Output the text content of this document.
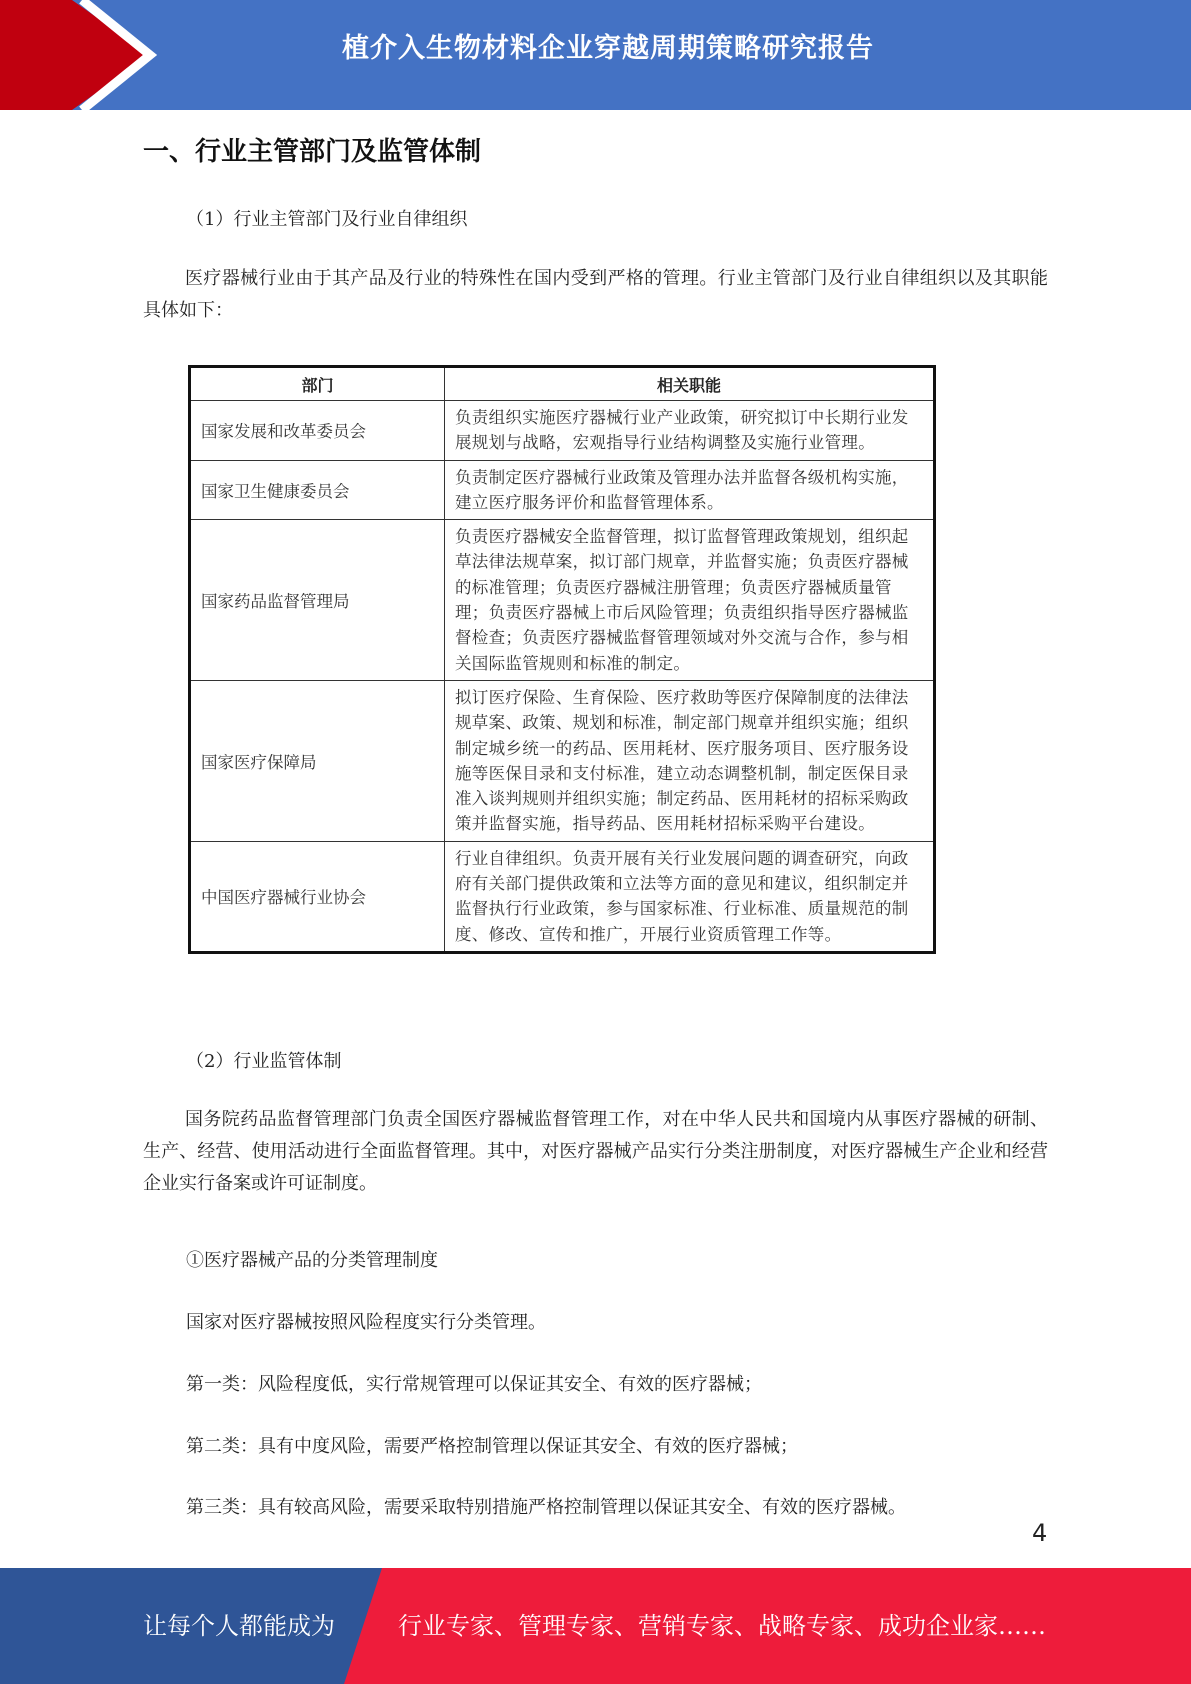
植介入生物材料企业穿越周期策略研究报告
一、行业主管部门及监管体制
（1）行业主管部门及行业自律组织
医疗器械行业由于其产品及行业的特殊性在国内受到严格的管理。行业主管部门及行业自律组织以及其职能具体如下：
部门	相关职能
国家发展和改革委员会	负责组织实施医疗器械行业产业政策，研究拟订中长期行业发展规划与战略，宏观指导行业结构调整及实施行业管理。
国家卫生健康委员会	负责制定医疗器械行业政策及管理办法并监督各级机构实施，建立医疗服务评价和监督管理体系。
国家药品监督管理局	负责医疗器械安全监督管理，拟订监督管理政策规划，组织起草法律法规草案，拟订部门规章，并监督实施；负责医疗器械的标准管理；负责医疗器械注册管理；负责医疗器械质量管理；负责医疗器械上市后风险管理；负责组织指导医疗器械监督检查；负责医疗器械监督管理领域对外交流与合作，参与相关国际监管规则和标准的制定。
国家医疗保障局	拟订医疗保险、生育保险、医疗救助等医疗保障制度的法律法规草案、政策、规划和标准，制定部门规章并组织实施；组织制定城乡统一的药品、医用耗材、医疗服务项目、医疗服务设施等医保目录和支付标准，建立动态调整机制，制定医保目录准入谈判规则并组织实施；制定药品、医用耗材的招标采购政策并监督实施，指导药品、医用耗材招标采购平台建设。
中国医疗器械行业协会	行业自律组织。负责开展有关行业发展问题的调查研究，向政府有关部门提供政策和立法等方面的意见和建议，组织制定并监督执行行业政策，参与国家标准、行业标准、质量规范的制度、修改、宣传和推广，开展行业资质管理工作等。
（2）行业监管体制
国务院药品监督管理部门负责全国医疗器械监督管理工作，对在中华人民共和国境内从事医疗器械的研制、生产、经营、使用活动进行全面监督管理。其中，对医疗器械产品实行分类注册制度，对医疗器械生产企业和经营企业实行备案或许可证制度。
①医疗器械产品的分类管理制度
国家对医疗器械按照风险程度实行分类管理。
第一类：风险程度低，实行常规管理可以保证其安全、有效的医疗器械；
第二类：具有中度风险，需要严格控制管理以保证其安全、有效的医疗器械；
第三类：具有较高风险，需要采取特别措施严格控制管理以保证其安全、有效的医疗器械。
4
让每个人都能成为	行业专家、管理专家、营销专家、战略专家、成功企业家……
